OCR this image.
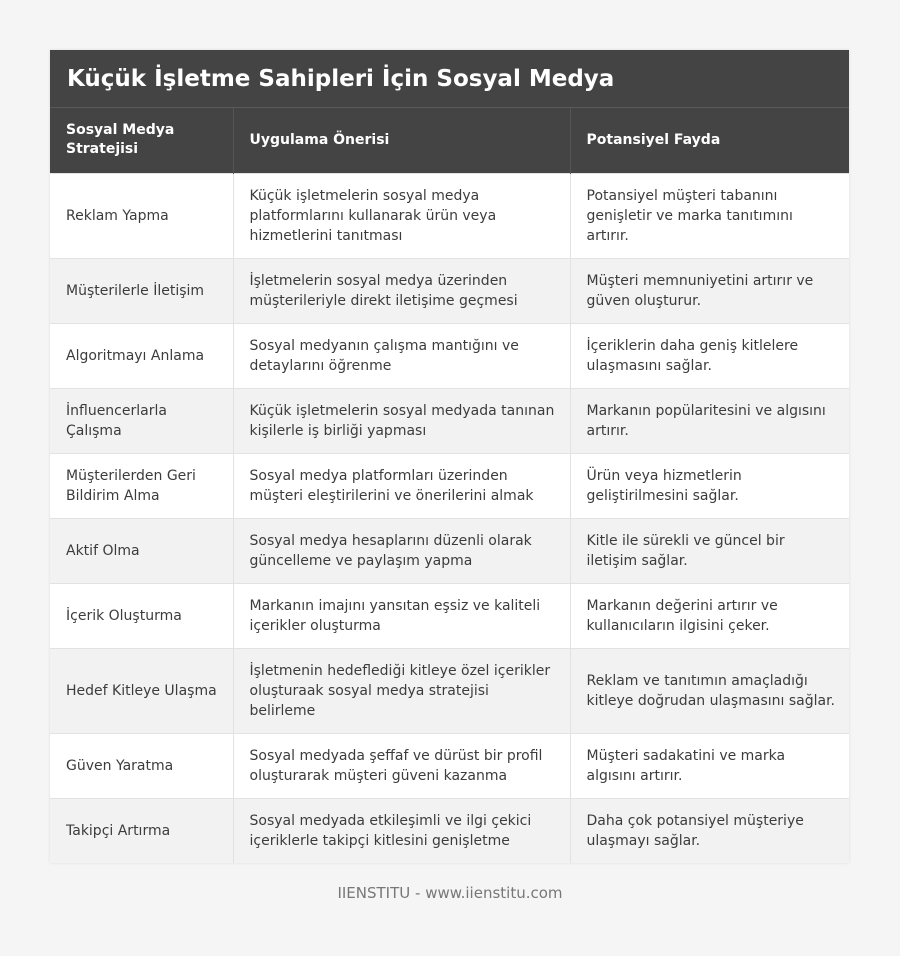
Küçük İşletme Sahipleri İçin Sosyal Medya
Sosyal Medya Stratejisi	Uygulama Önerisi	Potansiyel Fayda
Reklam Yapma	Küçük işletmelerin sosyal medya platformlarını kullanarak ürün veya hizmetlerini tanıtması	Potansiyel müşteri tabanını genişletir ve marka tanıtımını artırır.
Müşterilerle İletişim	İşletmelerin sosyal medya üzerinden müşterileriyle direkt iletişime geçmesi	Müşteri memnuniyetini artırır ve güven oluşturur.
Algoritmayı Anlama	Sosyal medyanın çalışma mantığını ve detaylarını öğrenme	İçeriklerin daha geniş kitlelere ulaşmasını sağlar.
İnfluencerlarla Çalışma	Küçük işletmelerin sosyal medyada tanınan kişilerle iş birliği yapması	Markanın popülaritesini ve algısını artırır.
Müşterilerden Geri Bildirim Alma	Sosyal medya platformları üzerinden müşteri eleştirilerini ve önerilerini almak	Ürün veya hizmetlerin geliştirilmesini sağlar.
Aktif Olma	Sosyal medya hesaplarını düzenli olarak güncelleme ve paylaşım yapma	Kitle ile sürekli ve güncel bir iletişim sağlar.
İçerik Oluşturma	Markanın imajını yansıtan eşsiz ve kaliteli içerikler oluşturma	Markanın değerini artırır ve kullanıcıların ilgisini çeker.
Hedef Kitleye Ulaşma	İşletmenin hedeflediği kitleye özel içerikler oluşturaak sosyal medya stratejisi belirleme	Reklam ve tanıtımın amaçladığı kitleye doğrudan ulaşmasını sağlar.
Güven Yaratma	Sosyal medyada şeffaf ve dürüst bir profil oluşturarak müşteri güveni kazanma	Müşteri sadakatini ve marka algısını artırır.
Takipçi Artırma	Sosyal medyada etkileşimli ve ilgi çekici içeriklerle takipçi kitlesini genişletme	Daha çok potansiyel müşteriye ulaşmayı sağlar.
IIENSTITU - www.iienstitu.com
